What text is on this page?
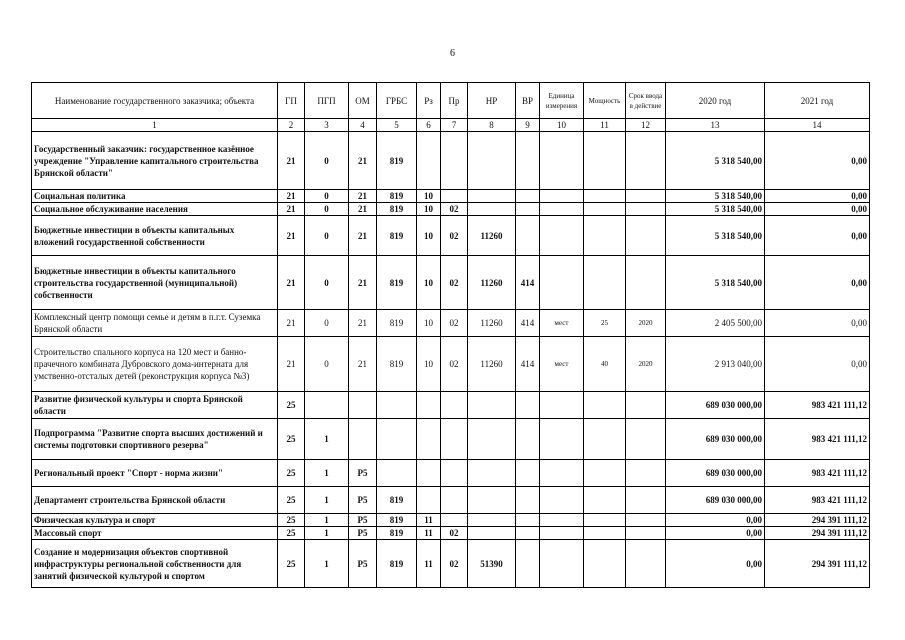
6
Наименование государственного заказчика; объекта	ГП	ПГП	ОМ	ГРБС	Рз	Пр	НР	ВР	Единица измерения	Мощность	Срок ввода в действие	2020 год	2021 год
1	2	3	4	5	6	7	8	9	10	11	12	13	14
Государственный заказчик: государственное казённое учреждение "Управление капитального строительства Брянской области"	21	0	21	819								5 318 540,00	0,00
Социальная политика	21	0	21	819	10							5 318 540,00	0,00
Социальное обслуживание населения	21	0	21	819	10	02						5 318 540,00	0,00
Бюджетные инвестиции в объекты капитальных вложений государственной собственности	21	0	21	819	10	02	11260					5 318 540,00	0,00
Бюджетные инвестиции в объекты капитального строительства государственной (муниципальной) собственности	21	0	21	819	10	02	11260	414				5 318 540,00	0,00
Комплексный центр помощи семье и детям в п.г.т. Суземка Брянской области	21	0	21	819	10	02	11260	414	мест	25	2020	2 405 500,00	0,00
Строительство спального корпуса на 120 мест и банно-прачечного комбината Дубровского дома-интерната для умственно-отсталых детей (реконструкция корпуса №3)	21	0	21	819	10	02	11260	414	мест	40	2020	2 913 040,00	0,00
Развитие физической культуры и спорта Брянской области	25											689 030 000,00	983 421 111,12
Подпрограмма "Развитие спорта высших достижений и системы подготовки спортивного резерва"	25	1										689 030 000,00	983 421 111,12
Региональный проект "Спорт - норма жизни"	25	1	P5									689 030 000,00	983 421 111,12
Департамент строительства Брянской области	25	1	P5	819								689 030 000,00	983 421 111,12
Физическая культура и спорт	25	1	P5	819	11							0,00	294 391 111,12
Массовый спорт	25	1	P5	819	11	02						0,00	294 391 111,12
Создание и модернизация объектов спортивной инфраструктуры региональной собственности для занятий физической культурой и спортом	25	1	P5	819	11	02	51390					0,00	294 391 111,12
